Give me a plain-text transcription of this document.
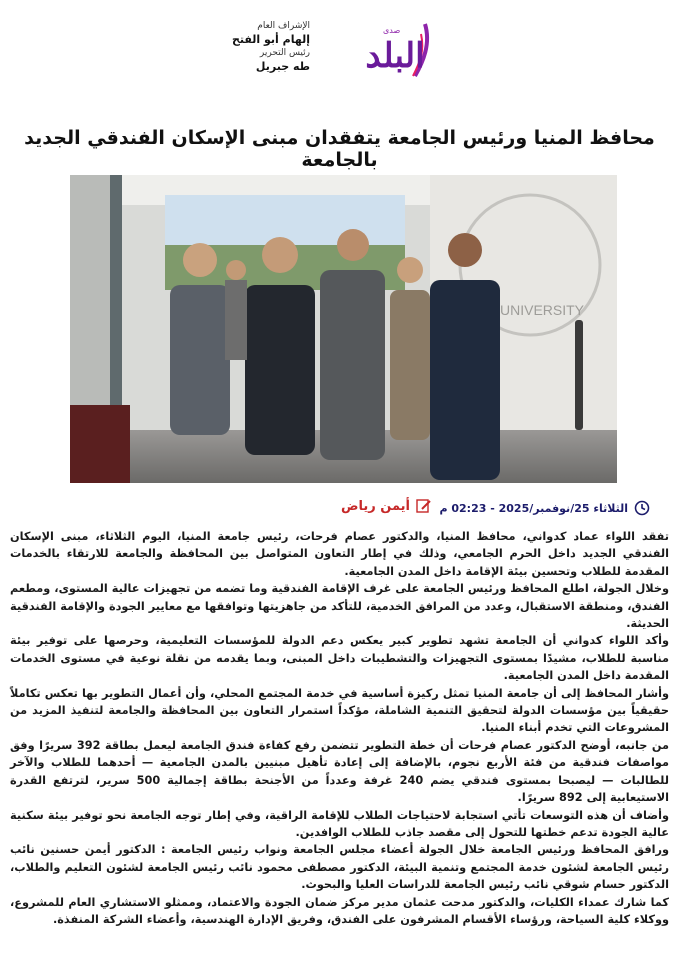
صدى
البلد
الإشراف العام
إلهام أبو الفتح
رئيس التحرير
طه جبريل
محافظ المنيا ورئيس الجامعة يتفقدان مبنى الإسكان الفندقي الجديد بالجامعة
UNIVERSITY
الثلاثاء 25/نوفمبر/2025 - 02:23 م
أيمن رياض

تفقد اللواء عماد كدواني، محافظ المنيا، والدكتور عصام فرحات، رئيس جامعة المنيا، اليوم الثلاثاء، مبنى الإسكان الفندقي الجديد داخل الحرم الجامعي، وذلك في إطار التعاون المتواصل بين المحافظة والجامعة للارتقاء بالخدمات المقدمة للطلاب وتحسين بيئة الإقامة داخل المدن الجامعية.

وخلال الجولة، اطلع المحافظ ورئيس الجامعة على غرف الإقامة الفندقية وما تضمه من تجهيزات عالية المستوى، ومطعم الفندق، ومنطقة الاستقبال، وعدد من المرافق الخدمية، للتأكد من جاهزيتها وتوافقها مع معايير الجودة والإقامة الفندقية الحديثة.

وأكد اللواء كدواني أن الجامعة تشهد تطوير كبير يعكس دعم الدولة للمؤسسات التعليمية، وحرصها على توفير بيئة مناسبة للطلاب، مشيدًا بمستوى التجهيزات والتشطيبات داخل المبنى، وبما يقدمه من نقلة نوعية في مستوى الخدمات المقدمة داخل المدن الجامعية.

وأشار المحافظ إلى أن جامعة المنيا تمثل ركيزة أساسية في خدمة المجتمع المحلي، وأن أعمال التطوير بها تعكس تكاملاً حقيقياً بين مؤسسات الدولة لتحقيق التنمية الشاملة، مؤكداً استمرار التعاون بين المحافظة والجامعة لتنفيذ المزيد من المشروعات التي تخدم أبناء المنيا.

من جانبه، أوضح الدكتور عصام فرحات أن خطة التطوير تتضمن رفع كفاءة فندق الجامعة ليعمل بطاقة 392 سريرًا وفق مواصفات فندقية من فئة الأربع نجوم، بالإضافة إلى إعادة تأهيل مبنيين بالمدن الجامعية — أحدهما للطلاب والآخر للطالبات — ليصبحا بمستوى فندقي يضم 240 غرفة وعدداً من الأجنحة بطاقة إجمالية 500 سرير، لترتفع القدرة الاستيعابية إلى 892 سريرًا.

وأضاف أن هذه التوسعات تأتي استجابة لاحتياجات الطلاب للإقامة الراقية، وفي إطار توجه الجامعة نحو توفير بيئة سكنية عالية الجودة تدعم خطتها للتحول إلى مقصد جاذب للطلاب الوافدين.

ورافق المحافظ ورئيس الجامعة خلال الجولة أعضاء مجلس الجامعة ونواب رئيس الجامعة : الدكتور أيمن حسنين نائب رئيس الجامعة لشئون خدمة المجتمع وتنمية البيئة، الدكتور مصطفى محمود نائب رئيس الجامعة لشئون التعليم والطلاب، الدكتور حسام شوقي نائب رئيس الجامعة للدراسات العليا والبحوث.

كما شارك عمداء الكليات، والدكتور مدحت عثمان مدير مركز ضمان الجودة والاعتماد، وممثلو الاستشاري العام للمشروع، ووكلاء كلية السياحة، ورؤساء الأقسام المشرفون على الفندق، وفريق الإدارة الهندسية، وأعضاء الشركة المنفذة.
